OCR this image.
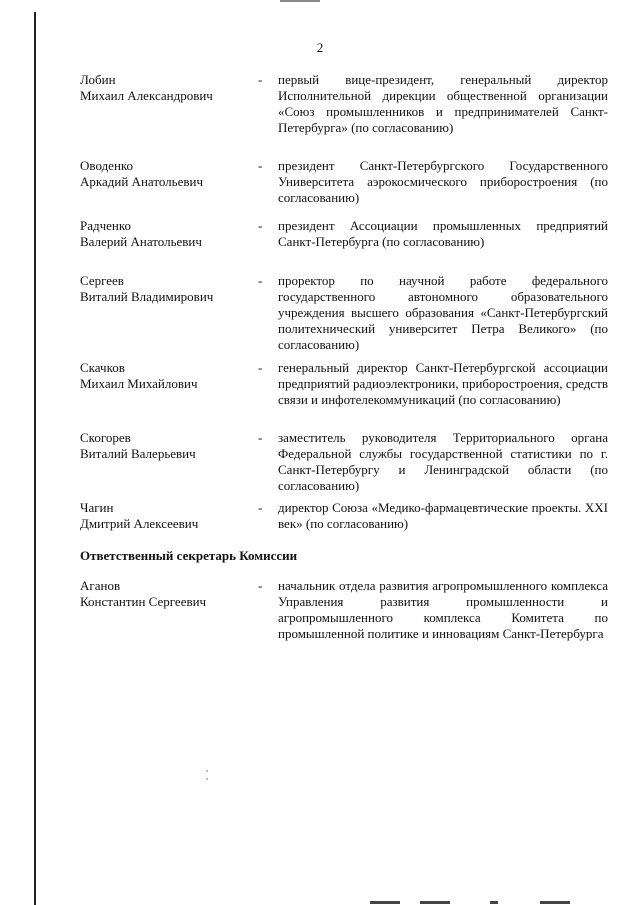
2
Лобин
Михаил Александрович
-	первый вице-президент, генеральный директор Исполнительной дирекции общественной организации «Союз промышленников и предпринимателей Санкт-Петербурга» (по согласованию)
Оводенко
Аркадий Анатольевич
-	президент Санкт-Петербургского Государственного Университета аэрокосмического приборостроения (по согласованию)
Радченко
Валерий Анатольевич
-	президент Ассоциации промышленных предприятий Санкт-Петербурга (по согласованию)
Сергеев
Виталий Владимирович
-	проректор по научной работе федерального государственного автономного образовательного учреждения высшего образования «Санкт-Петербургский политехнический университет Петра Великого» (по согласованию)
Скачков
Михаил Михайлович
-	генеральный директор Санкт-Петербургской ассоциации предприятий радиоэлектроники, приборостроения, средств связи и инфотелекоммуникаций (по согласованию)
Скогорев
Виталий Валерьевич
-	заместитель руководителя Территориального органа Федеральной службы государственной статистики по г. Санкт-Петербургу и Ленинградской области (по согласованию)
Чагин
Дмитрий Алексеевич
-	директор Союза «Медико-фармацевтические проекты. XXI век» (по согласованию)
Ответственный секретарь Комиссии
Аганов
Константин Сергеевич
-	начальник отдела развития агропромышленного комплекса Управления развития промышленности и агропромышленного комплекса Комитета по промышленной политике и инновациям Санкт-Петербурга
